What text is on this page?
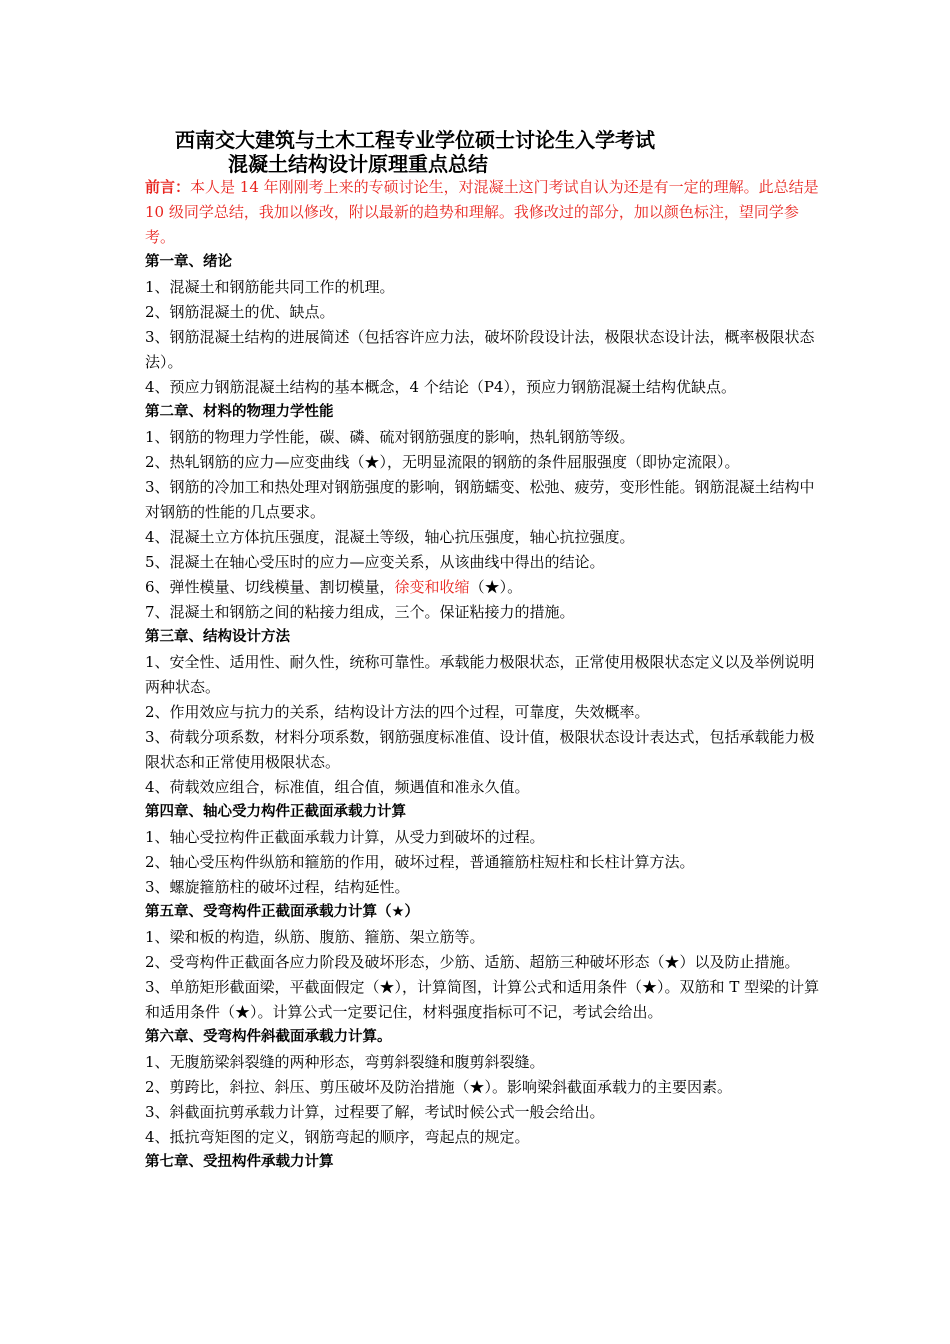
西南交大建筑与土木工程专业学位硕士讨论生入学考试
混凝土结构设计原理重点总结

前言：本人是 14 年刚刚考上来的专硕讨论生，对混凝土这门考试自认为还是有一定的理解。此总结是 10 级同学总结，我加以修改，附以最新的趋势和理解。我修改过的部分，加以颜色标注，望同学参考。

第一章、绪论

1、混凝土和钢筋能共同工作的机理。

2、钢筋混凝土的优、缺点。

3、钢筋混凝土结构的进展简述（包括容许应力法，破坏阶段设计法，极限状态设计法，概率极限状态法）。

4、预应力钢筋混凝土结构的基本概念，4 个结论（P4），预应力钢筋混凝土结构优缺点。

第二章、材料的物理力学性能

1、钢筋的物理力学性能，碳、磷、硫对钢筋强度的影响，热轧钢筋等级。

2、热轧钢筋的应力—应变曲线（★），无明显流限的钢筋的条件屈服强度（即协定流限）。

3、钢筋的冷加工和热处理对钢筋强度的影响，钢筋蠕变、松弛、疲劳，变形性能。钢筋混凝土结构中对钢筋的性能的几点要求。

4、混凝土立方体抗压强度，混凝土等级，轴心抗压强度，轴心抗拉强度。

5、混凝土在轴心受压时的应力—应变关系，从该曲线中得出的结论。

6、弹性模量、切线模量、割切模量，徐变和收缩（★）。

7、混凝土和钢筋之间的粘接力组成，三个。保证粘接力的措施。

第三章、结构设计方法

1、安全性、适用性、耐久性，统称可靠性。承载能力极限状态，正常使用极限状态定义以及举例说明两种状态。

2、作用效应与抗力的关系，结构设计方法的四个过程，可靠度，失效概率。

3、荷载分项系数，材料分项系数，钢筋强度标准值、设计值，极限状态设计表达式，包括承载能力极限状态和正常使用极限状态。

4、荷载效应组合，标准值，组合值，频遇值和准永久值。

第四章、轴心受力构件正截面承载力计算

1、轴心受拉构件正截面承载力计算，从受力到破坏的过程。

2、轴心受压构件纵筋和箍筋的作用，破坏过程，普通箍筋柱短柱和长柱计算方法。

3、螺旋箍筋柱的破坏过程，结构延性。

第五章、受弯构件正截面承载力计算（★）

1、梁和板的构造，纵筋、腹筋、箍筋、架立筋等。

2、受弯构件正截面各应力阶段及破坏形态，少筋、适筋、超筋三种破坏形态（★）以及防止措施。

3、单筋矩形截面梁，平截面假定（★），计算简图，计算公式和适用条件（★）。双筋和 T 型梁的计算和适用条件（★）。计算公式一定要记住，材料强度指标可不记，考试会给出。

第六章、受弯构件斜截面承载力计算。

1、无腹筋梁斜裂缝的两种形态，弯剪斜裂缝和腹剪斜裂缝。

2、剪跨比，斜拉、斜压、剪压破坏及防治措施（★）。影响梁斜截面承载力的主要因素。

3、斜截面抗剪承载力计算，过程要了解，考试时候公式一般会给出。

4、抵抗弯矩图的定义，钢筋弯起的顺序，弯起点的规定。

第七章、受扭构件承载力计算
